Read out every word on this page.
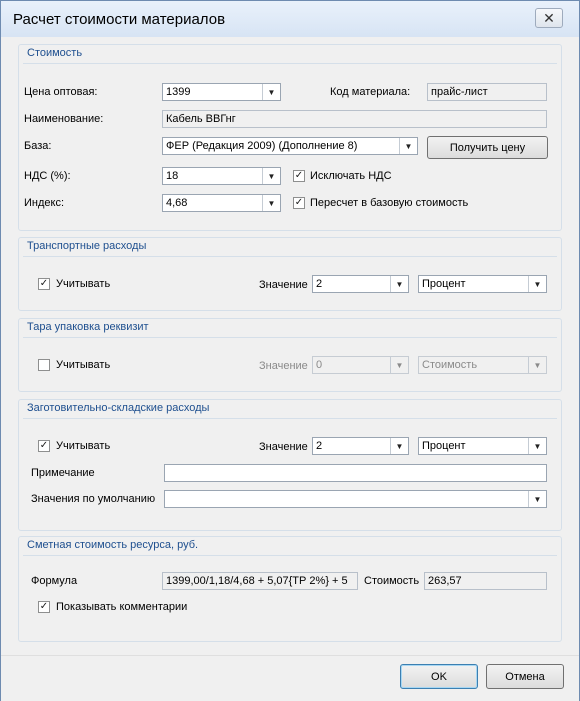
Расчет стоимости материалов	✕
Стоимость
Цена оптовая:	1399	▼	Код материала:	прайс-лист
Наименование:	Кабель ВВГнг
База:	ФЕР (Редакция 2009) (Дополнение 8)	▼	Получить цену
НДС (%):	18	▼	✓ Исключать НДС
Индекс:	4,68	▼	✓ Пересчет в базовую стоимость
Транспортные расходы
✓ Учитывать	Значение 2	▼	Процент	▼
Тара упаковка реквизит
Учитывать	Значение 0	▼	Стоимость	▼
Заготовительно-складские расходы
✓ Учитывать	Значение 2	▼	Процент	▼
Примечание
Значения по умолчанию	▼
Сметная стоимость ресурса, руб.
Формула	1399,00/1,18/4,68 + 5,07{ТР 2%} + 5	Стоимость 263,57
✓ Показывать комментарии
OK	Отмена
